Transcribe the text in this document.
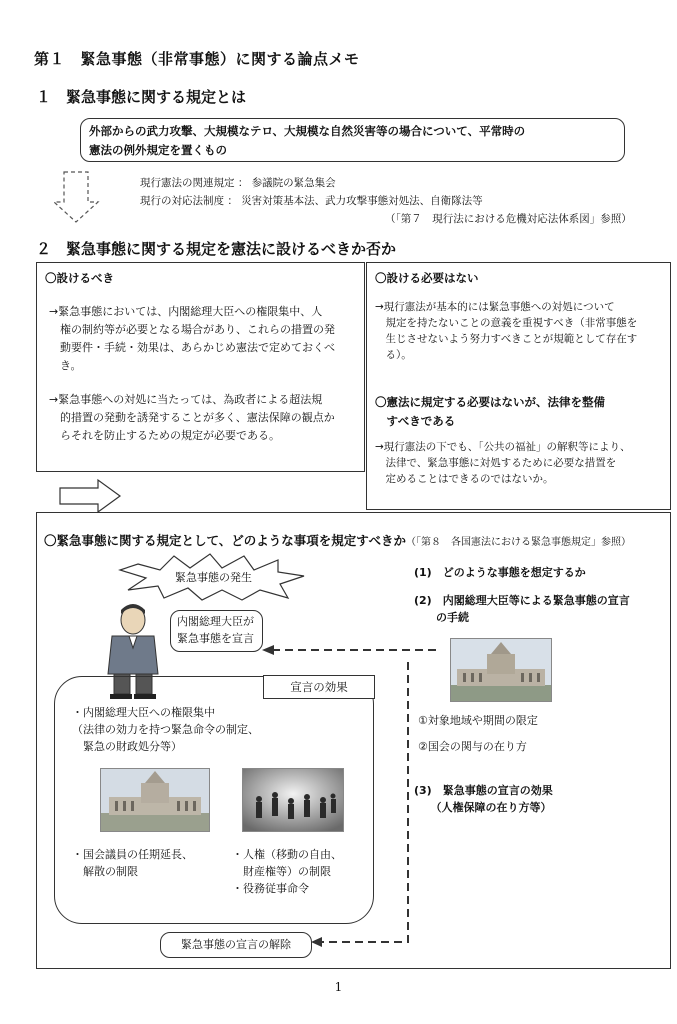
第１　緊急事態（非常事態）に関する論点メモ
１　緊急事態に関する規定とは
外部からの武力攻撃、大規模なテロ、大規模な自然災害等の場合について、平常時の
憲法の例外規定を置くもの
現行憲法の関連規定 ： 参議院の緊急集会
現行の対応法制度 ： 災害対策基本法、武力攻撃事態対処法、自衛隊法等
（「第７　現行法における危機対応法体系図」参照）
２　緊急事態に関する規定を憲法に設けるべきか否か
〇設けるべき
→緊急事態においては、内閣総理大臣への権限集中、人
　権の制約等が必要となる場合があり、これらの措置の発
　動要件・手続・効果は、あらかじめ憲法で定めておくべ
　き。
→緊急事態への対処に当たっては、為政者による超法規
　的措置の発動を誘発することが多く、憲法保障の観点か
　らそれを防止するための規定が必要である。
〇設ける必要はない
→現行憲法が基本的には緊急事態への対処について
　規定を持たないことの意義を重視すべき（非常事態を
　生じさせないよう努力すべきことが規範として存在す
　る）。
〇憲法に規定する必要はないが、法律を整備
　すべきである
→現行憲法の下でも、「公共の福祉」の解釈等により、
　法律で、緊急事態に対処するために必要な措置を
　定めることはできるのではないか。
〇緊急事態に関する規定として、どのような事項を規定すべきか（「第８　各国憲法における緊急事態規定」参照）
緊急事態の発生
内閣総理大臣が
緊急事態を宣言
宣言の効果
・内閣総理大臣への権限集中
（法律の効力を持つ緊急命令の制定、
　緊急の財政処分等）
・国会議員の任期延長、
　解散の制限
・人権（移動の自由、
　財産権等）の制限
・役務従事命令
緊急事態の宣言の解除
(1)　どのような事態を想定するか
(2)　内閣総理大臣等による緊急事態の宣言
　　の手続
①対象地域や期間の限定
②国会の関与の在り方
(3)　緊急事態の宣言の効果
　　（人権保障の在り方等）
1
